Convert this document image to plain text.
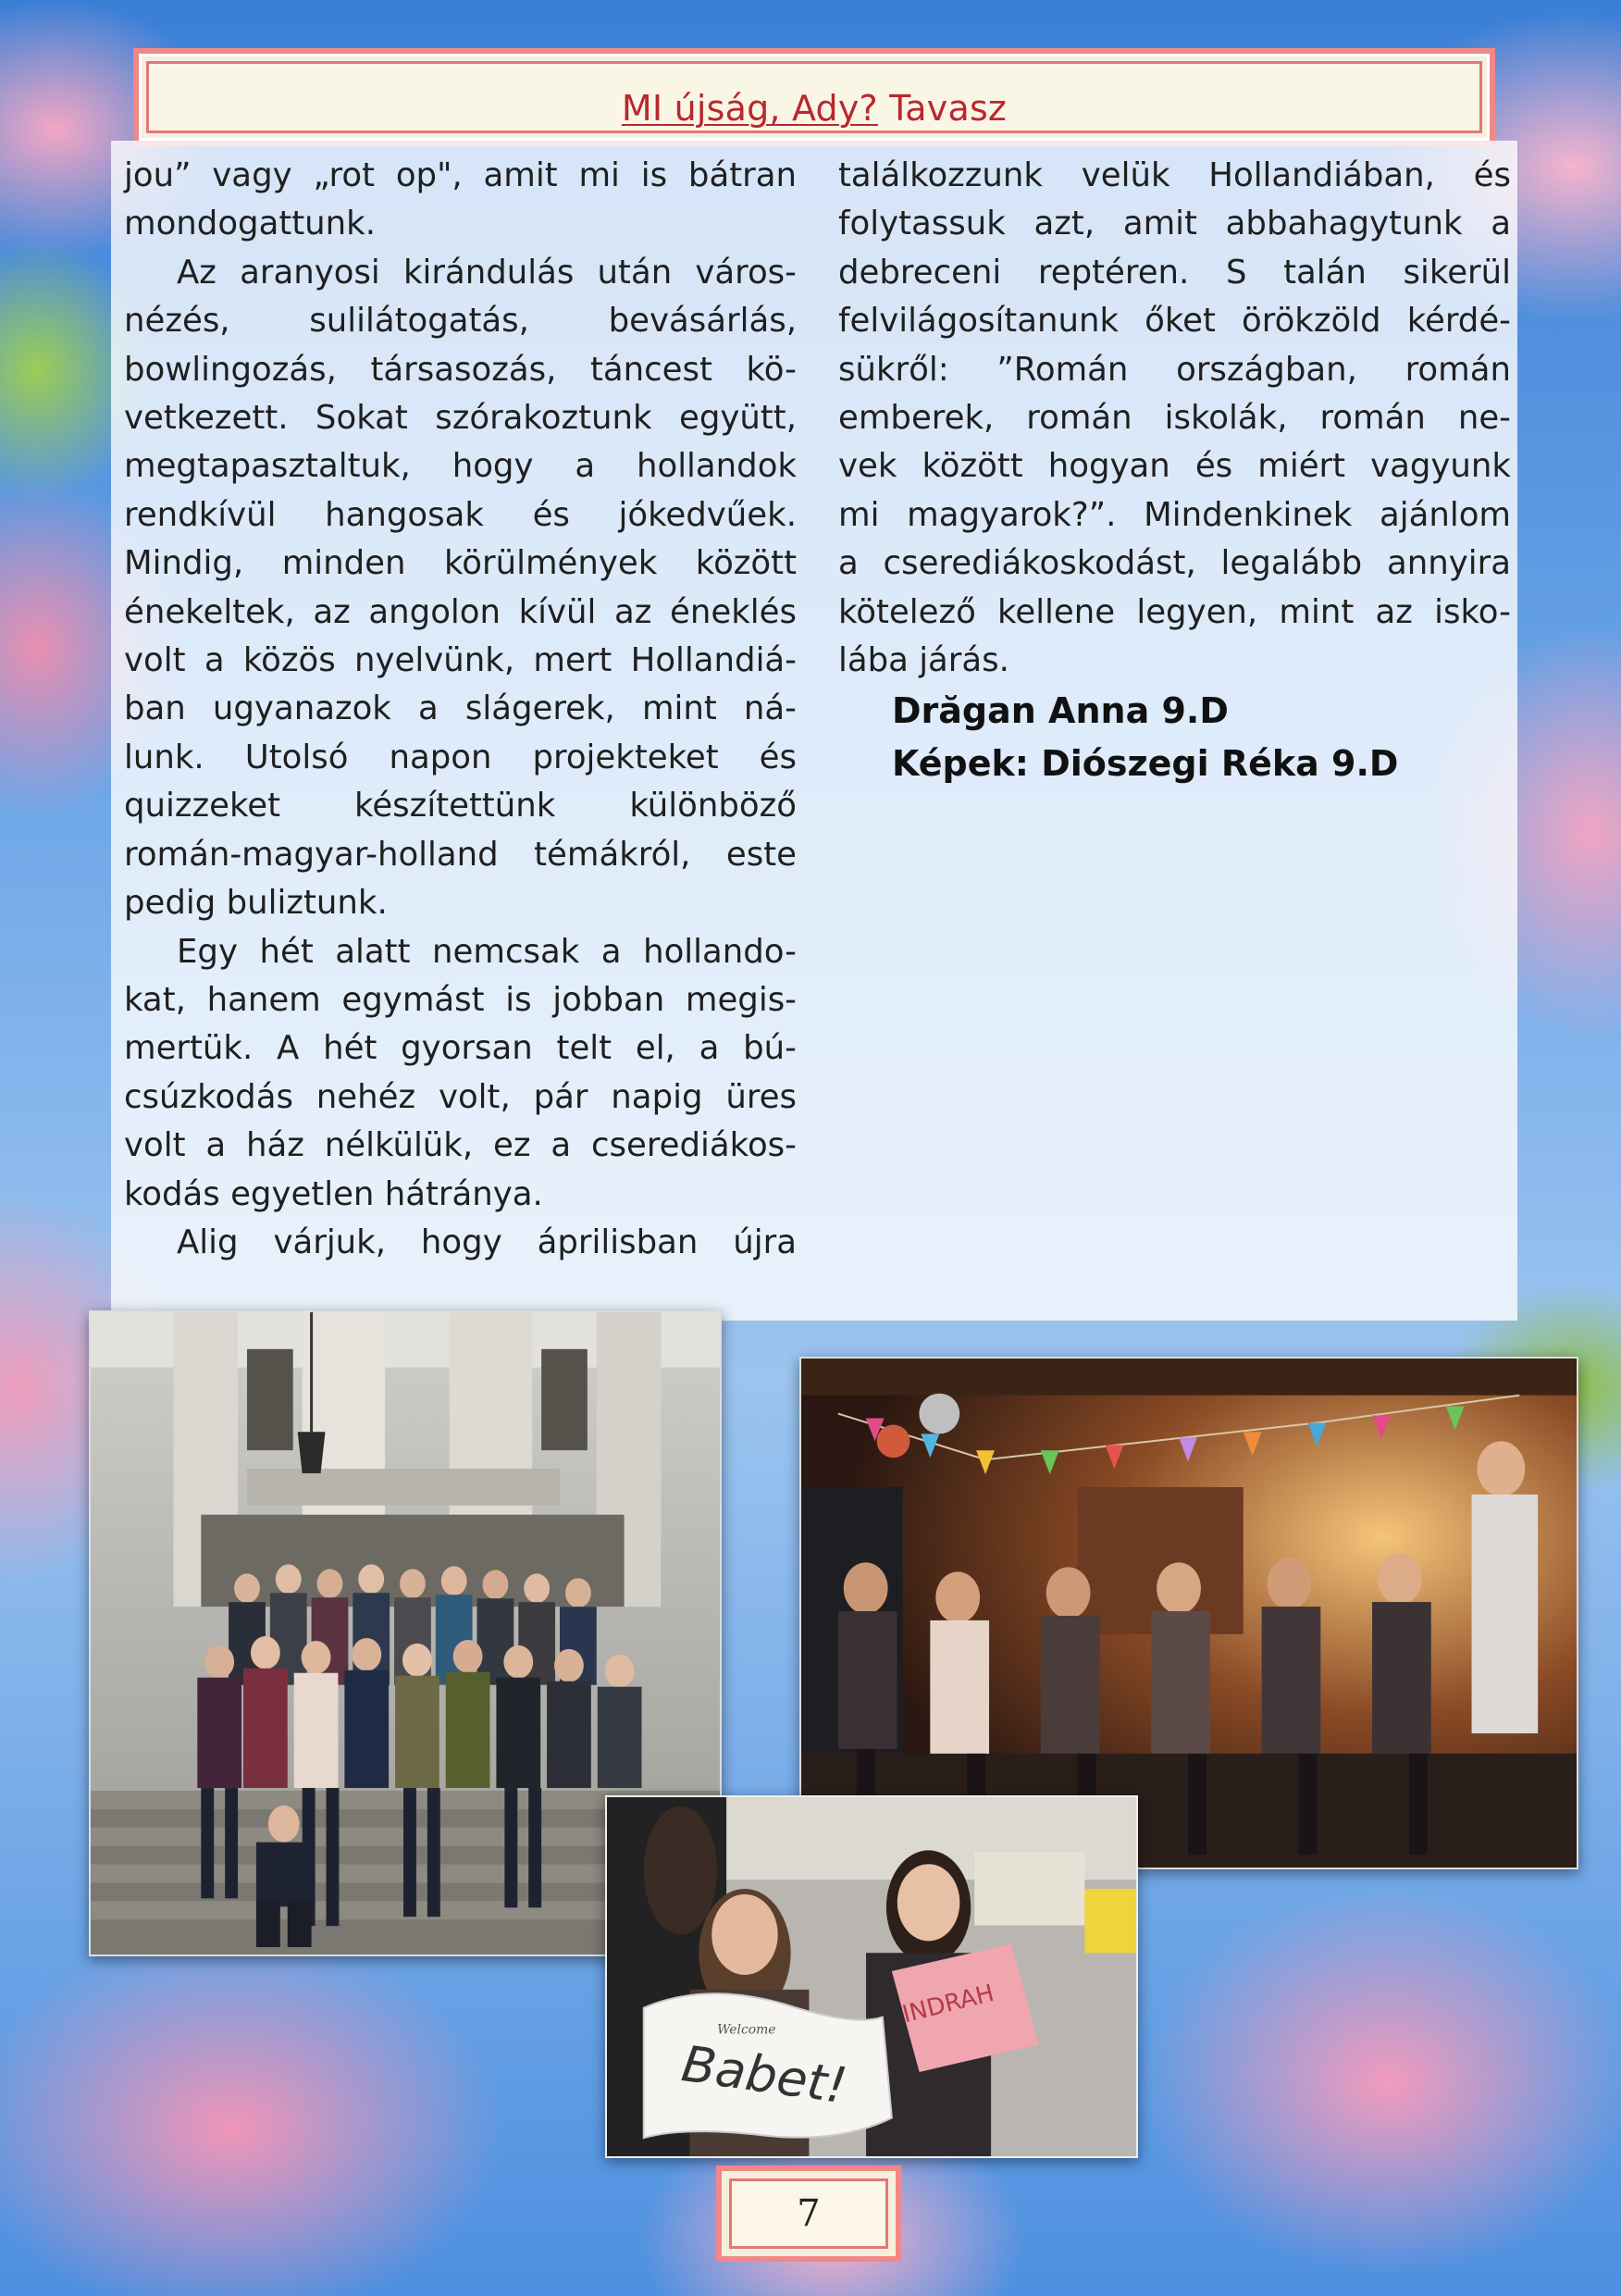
MI újság, Ady? Tavasz
jou” vagy „rot op", amit mi is bátran
mondogattunk.
Az aranyosi kirándulás után város-
nézés, sulilátogatás, bevásárlás,
bowlingozás, társasozás, táncest kö-
vetkezett. Sokat szórakoztunk együtt,
megtapasztaltuk, hogy a hollandok
rendkívül hangosak és jókedvűek.
Mindig, minden körülmények között
énekeltek, az angolon kívül az éneklés
volt a közös nyelvünk, mert Hollandiá-
ban ugyanazok a slágerek, mint ná-
lunk. Utolsó napon projekteket és
quizzeket készítettünk különböző
román-magyar-holland témákról, este
pedig buliztunk.
Egy hét alatt nemcsak a hollando-
kat, hanem egymást is jobban megis-
mertük. A hét gyorsan telt el, a bú-
csúzkodás nehéz volt, pár napig üres
volt a ház nélkülük, ez a cserediákos-
kodás egyetlen hátránya.
Alig várjuk, hogy áprilisban újra
találkozzunk velük Hollandiában, és
folytassuk azt, amit abbahagytunk a
debreceni reptéren. S talán sikerül
felvilágosítanunk őket örökzöld kérdé-
sükről: ”Román országban, román
emberek, román iskolák, román ne-
vek között hogyan és miért vagyunk
mi magyarok?”. Mindenkinek ajánlom
a cserediákoskodást, legalább annyira
kötelező kellene legyen, mint az isko-
lába járás.
Drăgan Anna 9.D
Képek: Diószegi Réka 9.D
Welcome
Babet!
INDRAH
7
